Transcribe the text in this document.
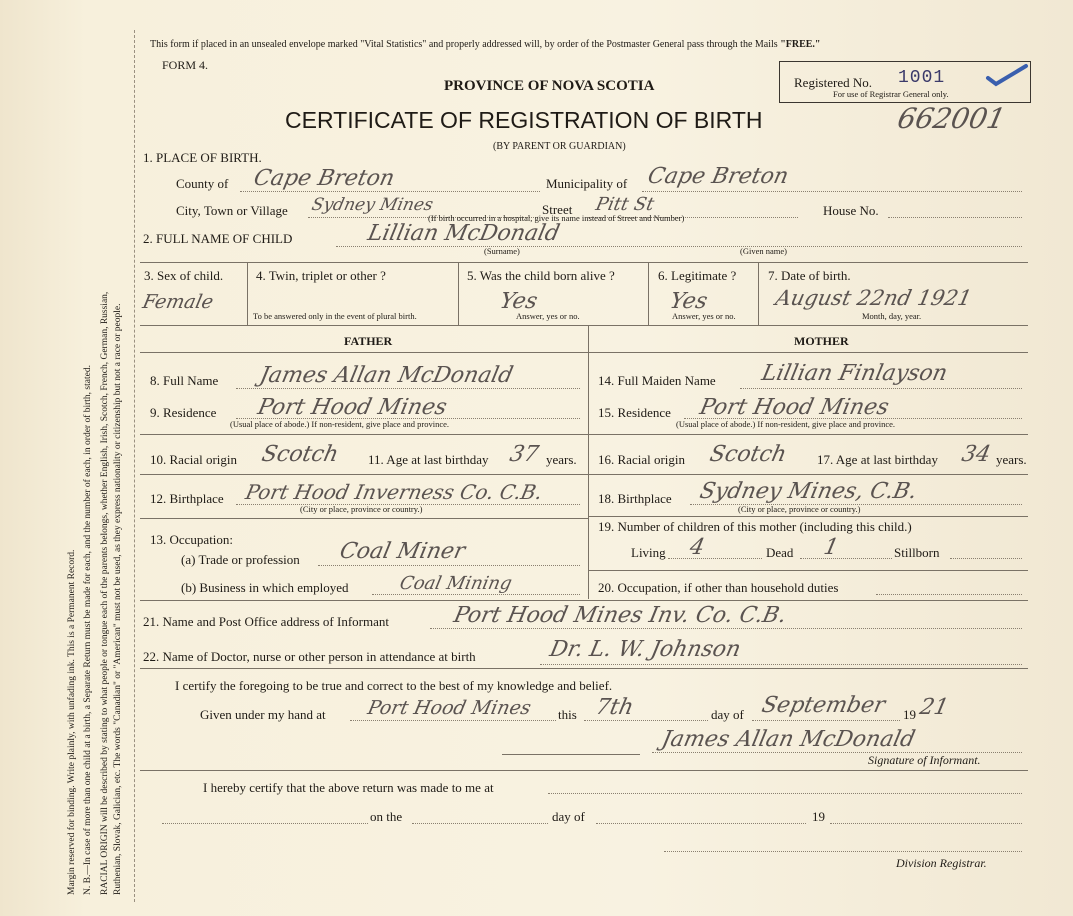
Margin reserved for binding. Write plainly, with unfading ink. This is a Permanent Record. N. B.—In case of more than one child at a birth, a Separate Return must be made for each, and the number of each, in order of birth, stated. RACIAL ORIGIN will be described by stating to what people or tongue each of the parents belongs, whether English, Irish, Scotch, French, German, Russian, Ruthenian, Slovak, Galician, etc. The words "Canadian" or "American" must not be used, as they express nationality or citizenship but not a race or people.
This form if placed in an unsealed envelope marked "Vital Statistics" and properly addressed will, by order of the Postmaster General pass through the Mails "FREE."
FORM 4.
PROVINCE OF NOVA SCOTIA
CERTIFICATE OF REGISTRATION OF BIRTH	662001
(BY PARENT OR GUARDIAN)
Registered No. 1001
For use of Registrar General only.
1. PLACE OF BIRTH.
County of Cape Breton	Municipality of Cape Breton
City, Town or Village Sydney Mines	Street Pitt St	House No.
(If birth occurred in a hospital, give its name instead of Street and Number)
2. FULL NAME OF CHILD	Lillian McDonald
(Surname)	(Given name)
3. Sex of child.
Female
4. Twin, triplet or other ?
To be answered only in the event of plural birth.
5. Was the child born alive ?
Yes
Answer, yes or no.
6. Legitimate ?
Yes
Answer, yes or no.
7. Date of birth.
August 22nd 1921
Month, day, year.
FATHER	MOTHER
8. Full Name James Allan McDonald
9. Residence Port Hood Mines
(Usual place of abode.) If non-resident, give place and province.
10. Racial origin Scotch 11. Age at last birthday 37 years.
12. Birthplace Port Hood Inverness Co. C.B.
(City or place, province or country.)
13. Occupation:
(a) Trade or profession Coal Miner
(b) Business in which employed	Coal Mining
14. Full Maiden Name Lillian Finlayson
15. Residence Port Hood Mines
(Usual place of abode.) If non-resident, give place and province.
16. Racial origin Scotch 17. Age at last birthday 34 years.
18. Birthplace Sydney Mines, C.B.
(City or place, province or country.)
19. Number of children of this mother (including this child.)
Living 4	Dead 1	Stillborn
20. Occupation, if other than household duties
21. Name and Post Office address of Informant	Port Hood Mines Inv. Co. C.B.
22. Name of Doctor, nurse or other person in attendance at birth	Dr. L. W. Johnson
I certify the foregoing to be true and correct to the best of my knowledge and belief.
Given under my hand at Port Hood Mines this 7th	day of September 19 21
James Allan McDonald
Signature of Informant.
I hereby certify that the above return was made to me at
on the	day of	19
Division Registrar.
